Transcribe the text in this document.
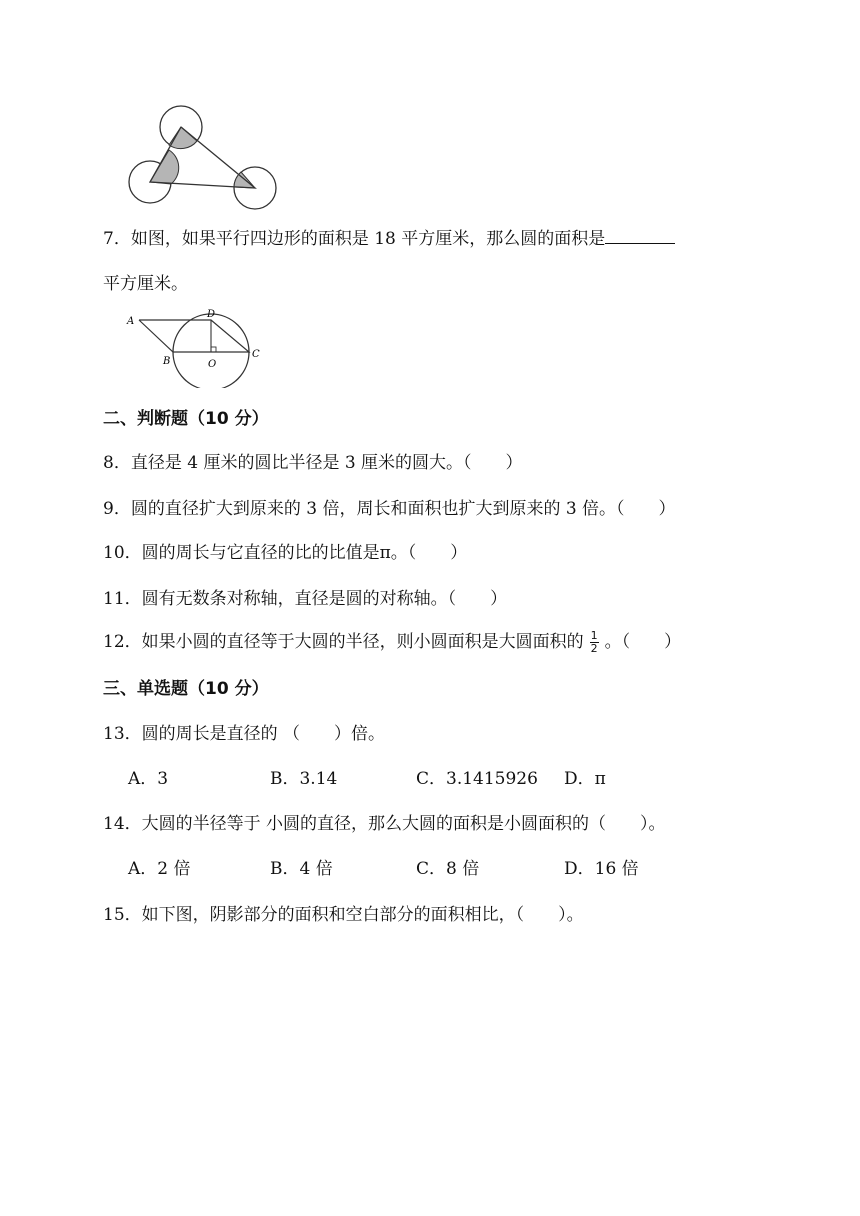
7．如图，如果平行四边形的面积是 18 平方厘米，那么圆的面积是
平方厘米。
A
B
C
D
O
二、判断题（10 分）
8．直径是 4 厘米的圆比半径是 3 厘米的圆大。（　　）
9．圆的直径扩大到原来的 3 倍，周长和面积也扩大到原来的 3 倍。（　　）
10．圆的周长与它直径的比的比值是π。（　　）
11．圆有无数条对称轴，直径是圆的对称轴。（　　）
12．如果小圆的直径等于大圆的半径，则小圆面积是大圆面积的 $\frac{1}{2}$ 。（　　）
三、单选题（10 分）
13．圆的周长是直径的 （　　）倍。
A．3	B．3.14	C．3.1415926 D．π
14．大圆的半径等于 小圆的直径，那么大圆的面积是小圆面积的（　　）。
A．2 倍	B．4 倍	C．8 倍	D．16 倍
15．如下图，阴影部分的面积和空白部分的面积相比，（　　）。
